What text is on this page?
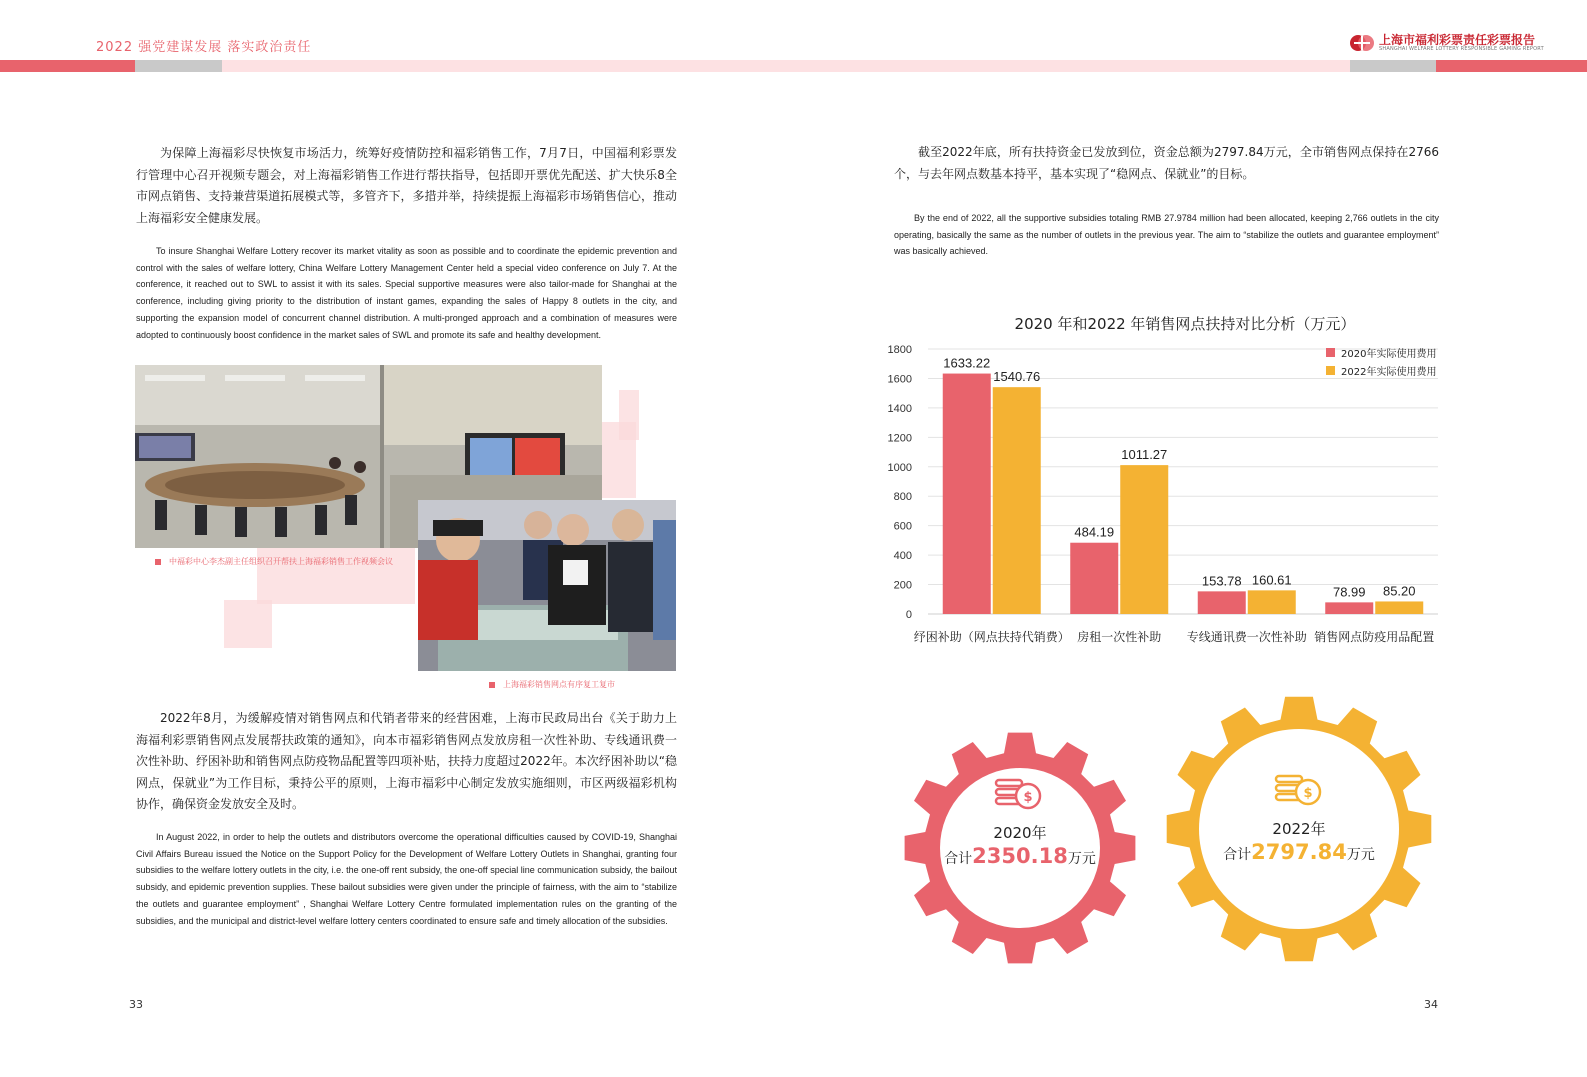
2022 强党建谋发展 落实政治责任	上海市福利彩票责任彩票报告
SHANGHAI WELFARE LOTTERY RESPONSIBLE GAMING REPORT
为保障上海福彩尽快恢复市场活力，统筹好疫情防控和福彩销售工作，7月7日，中国福利彩票发行管理中心召开视频专题会，对上海福彩销售工作进行帮扶指导，包括即开票优先配送、扩大快乐8全市网点销售、支持兼营渠道拓展模式等，多管齐下，多措并举，持续提振上海福彩市场销售信心，推动上海福彩安全健康发展。
To insure Shanghai Welfare Lottery recover its market vitality as soon as possible and to coordinate the epidemic prevention and control with the sales of welfare lottery, China Welfare Lottery Management Center held a special video conference on July 7. At the conference, it reached out to SWL to assist it with its sales. Special supportive measures were also tailor-made for Shanghai at the conference, including giving priority to the distribution of instant games, expanding the sales of Happy 8 outlets in the city, and supporting the expansion model of concurrent channel distribution. A multi-pronged approach and a combination of measures were adopted to continuously boost confidence in the market sales of SWL and promote its safe and healthy development.
中福彩中心李杰副主任组织召开帮扶上海福彩销售工作视频会议
上海福彩销售网点有序复工复市
2022年8月，为缓解疫情对销售网点和代销者带来的经营困难，上海市民政局出台《关于助力上海福利彩票销售网点发展帮扶政策的通知》，向本市福彩销售网点发放房租一次性补助、专线通讯费一次性补助、纾困补助和销售网点防疫物品配置等四项补贴，扶持力度超过2022年。本次纾困补助以“稳网点，保就业”为工作目标，秉持公平的原则，上海市福彩中心制定发放实施细则，市区两级福彩机构协作，确保资金发放安全及时。
In August 2022, in order to help the outlets and distributors overcome the operational difficulties caused by COVID-19, Shanghai Civil Affairs Bureau issued the Notice on the Support Policy for the Development of Welfare Lottery Outlets in Shanghai, granting four subsidies to the welfare lottery outlets in the city, i.e. the one-off rent subsidy, the one-off special line communication subsidy, the bailout subsidy, and epidemic prevention supplies. These bailout subsidies were given under the principle of fairness, with the aim to “stabilize the outlets and guarantee employment” , Shanghai Welfare Lottery Centre formulated implementation rules on the granting of the subsidies, and the municipal and district-level welfare lottery centers coordinated to ensure safe and timely allocation of the subsidies.
33
截至2022年底，所有扶持资金已发放到位，资金总额为2797.84万元，全市销售网点保持在2766个，与去年网点数基本持平，基本实现了“稳网点、保就业”的目标。
By the end of 2022, all the supportive subsidies totaling RMB 27.9784 million had been allocated, keeping 2,766 outlets in the city operating, basically the same as the number of outlets in the previous year. The aim to “stabilize the outlets and guarantee employment” was basically achieved.
2020 年和2022 年销售网点扶持对比分析（万元）
0
200
400
600
800
1000
1200
1400
1600
1800
1633.22
1540.76
纾困补助（网点扶持代销费）
484.19
1011.27
房租一次性补助
153.78 160.61
专线通讯费一次性补助
78.99 85.20
销售网点防疫用品配置
2020年实际使用费用
2022年实际使用费用
$
2020年
合计2350.18万元
$
2022年
合计2797.84万元
34
